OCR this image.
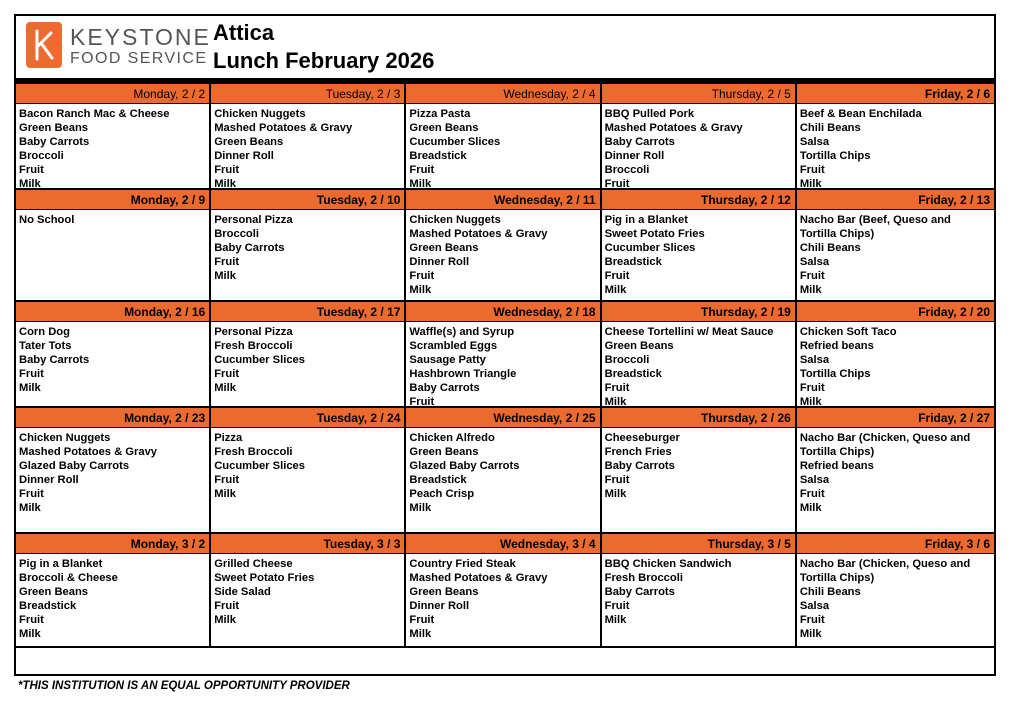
KEYSTONE
FOOD SERVICE
Attica
Lunch February 2026
Monday, 2 / 2
Bacon Ranch Mac & Cheese
Green Beans
Baby Carrots
Broccoli
Fruit
Milk
Tuesday, 2 / 3
Chicken Nuggets
Mashed Potatoes & Gravy
Green Beans
Dinner Roll
Fruit
Milk
Wednesday, 2 / 4
Pizza Pasta
Green Beans
Cucumber Slices
Breadstick
Fruit
Milk
Thursday, 2 / 5
BBQ Pulled Pork
Mashed Potatoes & Gravy
Baby Carrots
Dinner Roll
Broccoli
Fruit
Friday, 2 / 6
Beef & Bean Enchilada
Chili Beans
Salsa
Tortilla Chips
Fruit
Milk
Monday, 2 / 9
No School
Tuesday, 2 / 10
Personal Pizza
Broccoli
Baby Carrots
Fruit
Milk
Wednesday, 2 / 11
Chicken Nuggets
Mashed Potatoes & Gravy
Green Beans
Dinner Roll
Fruit
Milk
Thursday, 2 / 12
Pig in a Blanket
Sweet Potato Fries
Cucumber Slices
Breadstick
Fruit
Milk
Friday, 2 / 13
Nacho Bar (Beef, Queso and
Tortilla Chips)
Chili Beans
Salsa
Fruit
Milk
Monday, 2 / 16
Corn Dog
Tater Tots
Baby Carrots
Fruit
Milk
Tuesday, 2 / 17
Personal Pizza
Fresh Broccoli
Cucumber Slices
Fruit
Milk
Wednesday, 2 / 18
Waffle(s) and Syrup
Scrambled Eggs
Sausage Patty
Hashbrown Triangle
Baby Carrots
Fruit
Thursday, 2 / 19
Cheese Tortellini w/ Meat Sauce
Green Beans
Broccoli
Breadstick
Fruit
Milk
Friday, 2 / 20
Chicken Soft Taco
Refried beans
Salsa
Tortilla Chips
Fruit
Milk
Monday, 2 / 23
Chicken Nuggets
Mashed Potatoes & Gravy
Glazed Baby Carrots
Dinner Roll
Fruit
Milk
Tuesday, 2 / 24
Pizza
Fresh Broccoli
Cucumber Slices
Fruit
Milk
Wednesday, 2 / 25
Chicken Alfredo
Green Beans
Glazed Baby Carrots
Breadstick
Peach Crisp
Milk
Thursday, 2 / 26
Cheeseburger
French Fries
Baby Carrots
Fruit
Milk
Friday, 2 / 27
Nacho Bar (Chicken, Queso and
Tortilla Chips)
Refried beans
Salsa
Fruit
Milk
Monday, 3 / 2
Pig in a Blanket
Broccoli & Cheese
Green Beans
Breadstick
Fruit
Milk
Tuesday, 3 / 3
Grilled Cheese
Sweet Potato Fries
Side Salad
Fruit
Milk
Wednesday, 3 / 4
Country Fried Steak
Mashed Potatoes & Gravy
Green Beans
Dinner Roll
Fruit
Milk
Thursday, 3 / 5
BBQ Chicken Sandwich
Fresh Broccoli
Baby Carrots
Fruit
Milk
Friday, 3 / 6
Nacho Bar (Chicken, Queso and
Tortilla Chips)
Chili Beans
Salsa
Fruit
Milk
*THIS INSTITUTION IS AN EQUAL OPPORTUNITY PROVIDER
